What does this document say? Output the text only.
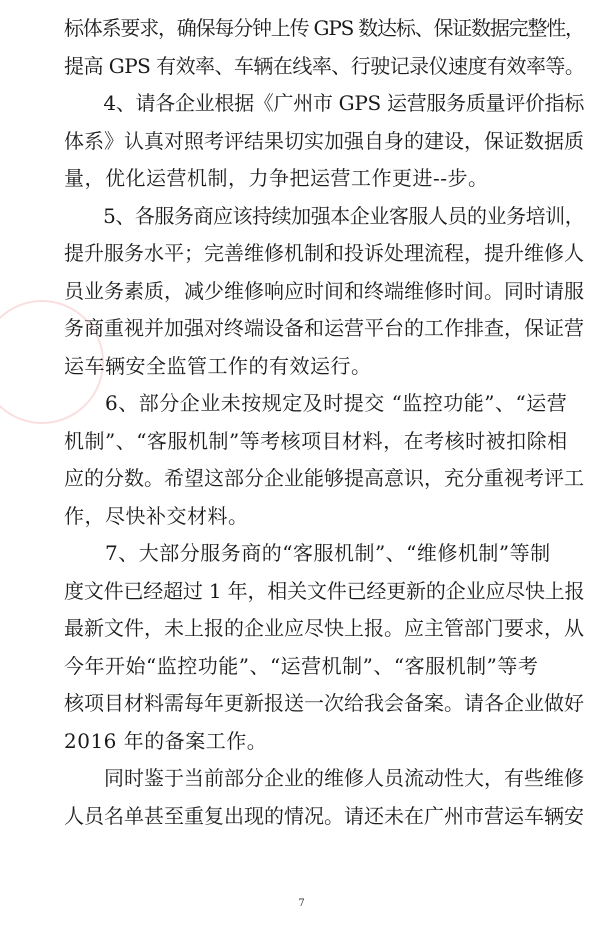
标体系要求，确保每分钟上传 GPS 数达标、保证数据完整性，
提高 GPS 有效率、车辆在线率、行驶记录仪速度有效率等。
　　4、请各企业根据《广州市 GPS 运营服务质量评价指标
体系》认真对照考评结果切实加强自身的建设，保证数据质
量，优化运营机制，力争把运营工作更进--步。
　　5、各服务商应该持续加强本企业客服人员的业务培训，
提升服务水平；完善维修机制和投诉处理流程，提升维修人
员业务素质，减少维修响应时间和终端维修时间。同时请服
务商重视并加强对终端设备和运营平台的工作排查，保证营
运车辆安全监管工作的有效运行。
　　6、部分企业未按规定及时提交 “监控功能”、“运营
机制”、“客服机制”等考核项目材料，在考核时被扣除相
应的分数。希望这部分企业能够提高意识，充分重视考评工
作，尽快补交材料。
　　7、大部分服务商的“客服机制”、“维修机制”等制
度文件已经超过 1 年，相关文件已经更新的企业应尽快上报
最新文件，未上报的企业应尽快上报。应主管部门要求，从
今年开始“监控功能”、“运营机制”、“客服机制”等考
核项目材料需每年更新报送一次给我会备案。请各企业做好
2016 年的备案工作。
　　同时鉴于当前部分企业的维修人员流动性大，有些维修
人员名单甚至重复出现的情况。请还未在广州市营运车辆安
7
